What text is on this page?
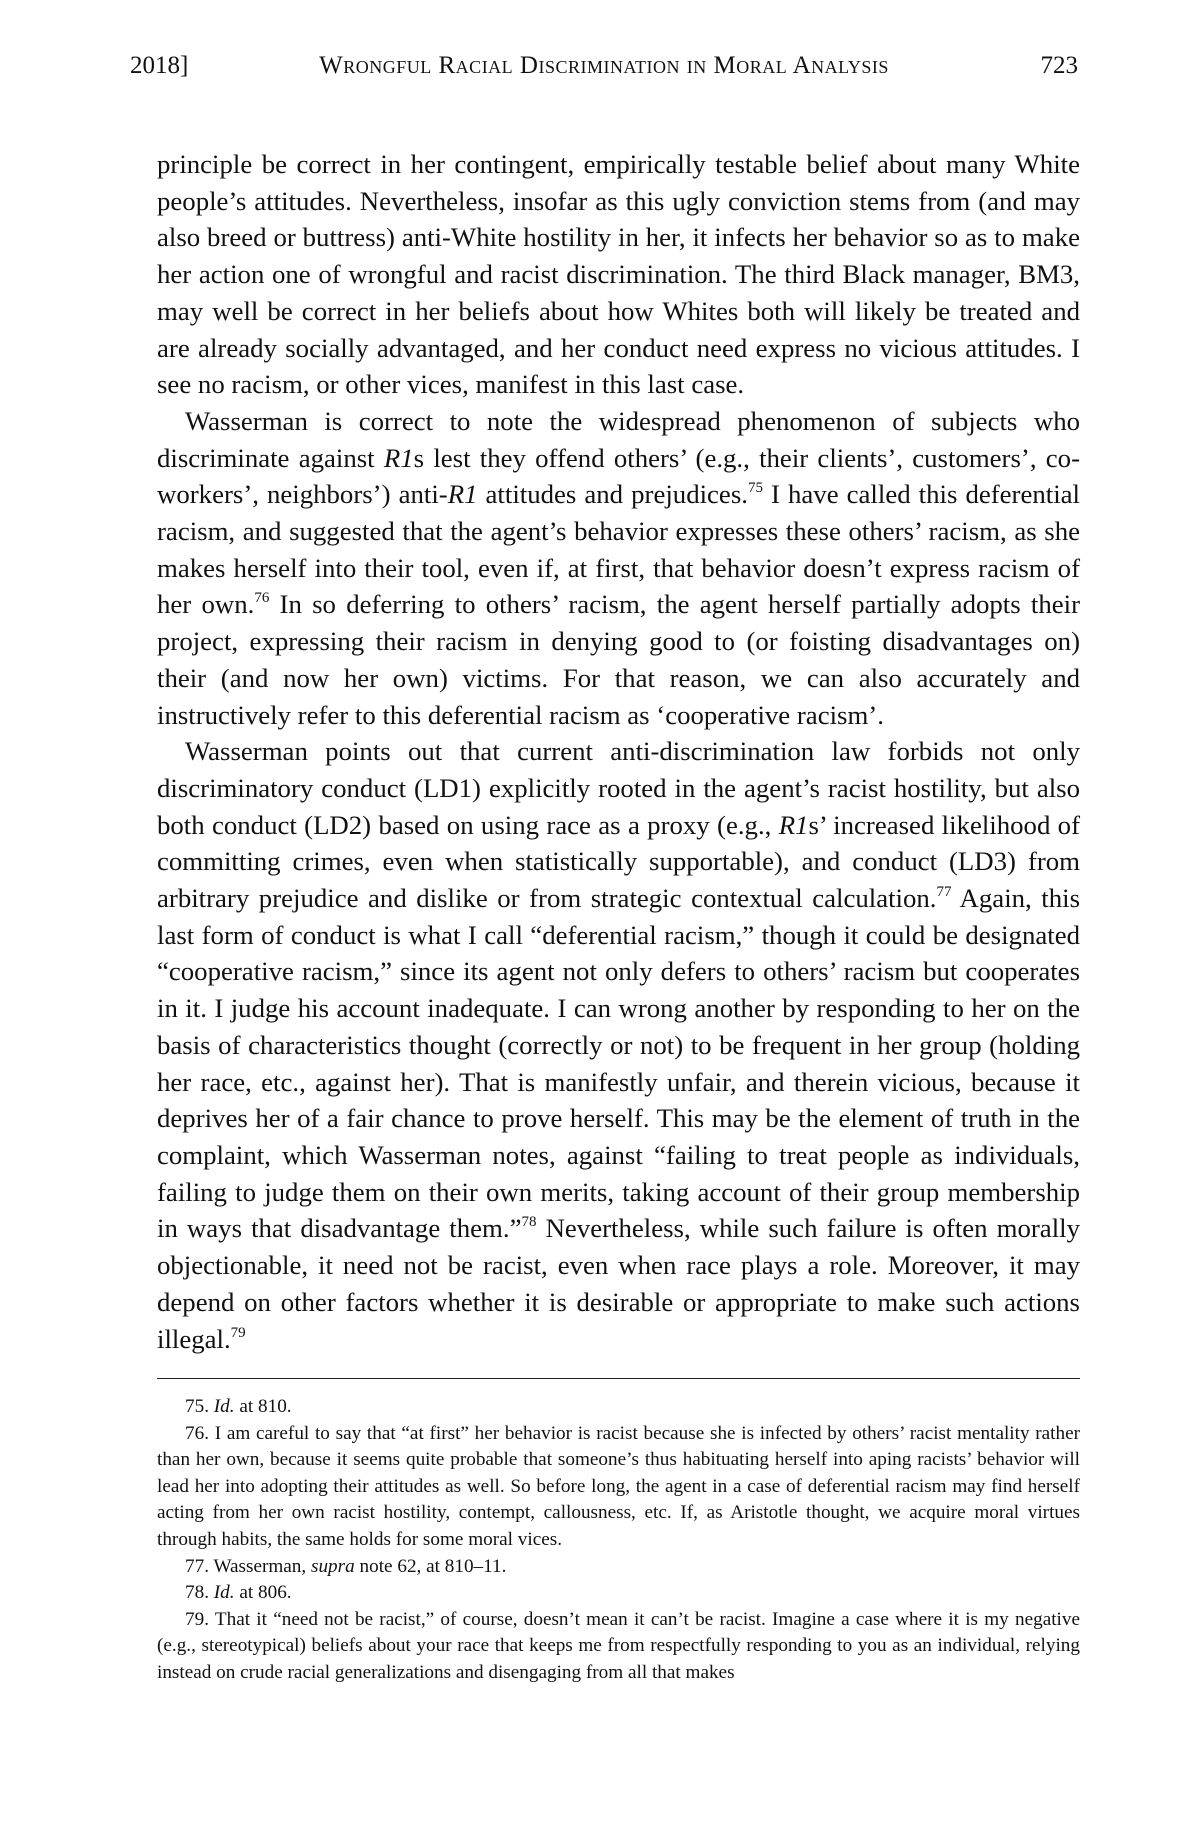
2018]	Wrongful Racial Discrimination in Moral Analysis	723

principle be correct in her contingent, empirically testable belief about many White people’s attitudes. Nevertheless, insofar as this ugly conviction stems from (and may also breed or buttress) anti-White hostility in her, it infects her behavior so as to make her action one of wrongful and racist discrimination. The third Black manager, BM3, may well be correct in her beliefs about how Whites both will likely be treated and are already socially advantaged, and her conduct need express no vicious attitudes. I see no racism, or other vices, manifest in this last case.

Wasserman is correct to note the widespread phenomenon of subjects who discriminate against R1s lest they offend others’ (e.g., their clients’, customers’, co- workers’, neighbors’) anti-R1 attitudes and prejudices.$^{75}$ I have called this deferential racism, and suggested that the agent’s behavior expresses these others’ racism, as she makes herself into their tool, even if, at first, that behavior doesn’t express racism of her own.$^{76}$ In so deferring to others’ racism, the agent herself partially adopts their project, expressing their racism in denying good to (or foisting disadvantages on) their (and now her own) victims. For that reason, we can also accurately and instructively refer to this deferential racism as ‘cooperative racism’.

Wasserman points out that current anti-discrimination law forbids not only discriminatory conduct (LD1) explicitly rooted in the agent’s racist hostility, but also both conduct (LD2) based on using race as a proxy (e.g., R1s’ increased likelihood of committing crimes, even when statistically supportable), and conduct (LD3) from arbitrary prejudice and dislike or from strategic contextual calculation.$^{77}$ Again, this last form of conduct is what I call “deferential racism,” though it could be designated “cooperative racism,” since its agent not only defers to others’ racism but cooperates in it. I judge his account inadequate. I can wrong another by responding to her on the basis of characteristics thought (correctly or not) to be frequent in her group (holding her race, etc., against her). That is manifestly unfair, and therein vicious, because it deprives her of a fair chance to prove herself. This may be the element of truth in the complaint, which Wasserman notes, against “failing to treat people as individuals, failing to judge them on their own merits, taking account of their group membership in ways that disadvantage them.”$^{78}$ Nevertheless, while such failure is often morally objectionable, it need not be racist, even when race plays a role. Moreover, it may depend on other factors whether it is desirable or appropriate to make such actions illegal.$^{79}$

75. Id. at 810.

76. I am careful to say that “at first” her behavior is racist because she is infected by others’ racist mentality rather than her own, because it seems quite probable that someone’s thus habituating herself into aping racists’ behavior will lead her into adopting their attitudes as well. So before long, the agent in a case of deferential racism may find herself acting from her own racist hostility, contempt, callousness, etc. If, as Aristotle thought, we acquire moral virtues through habits, the same holds for some moral vices.

77. Wasserman, supra note 62, at 810–11.

78. Id. at 806.

79. That it “need not be racist,” of course, doesn’t mean it can’t be racist. Imagine a case where it is my negative (e.g., stereotypical) beliefs about your race that keeps me from respectfully responding to you as an individual, relying instead on crude racial generalizations and disengaging from all that makes
